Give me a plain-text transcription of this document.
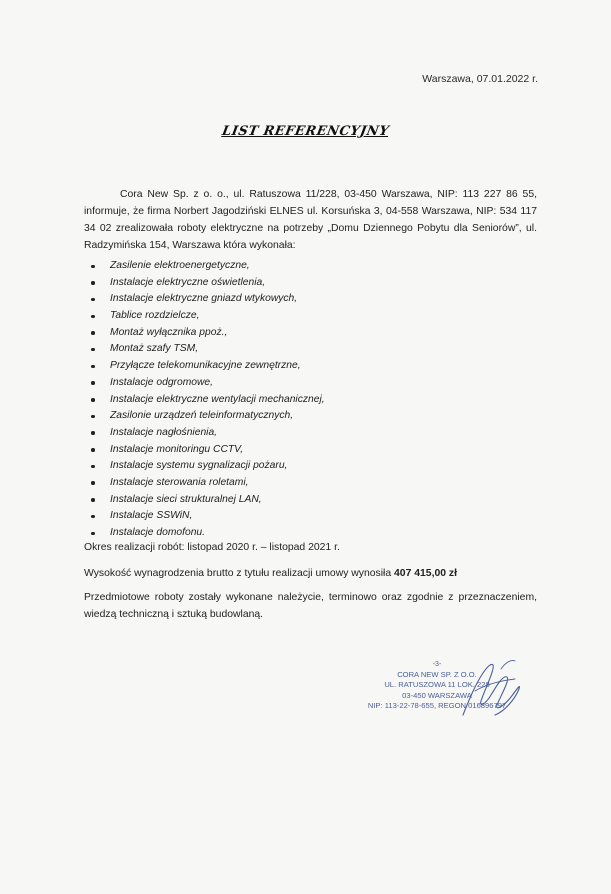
Warszawa, 07.01.2022 r.
LIST REFERENCYJNY
Cora New Sp. z o. o., ul. Ratuszowa 11/228, 03-450 Warszawa, NIP: 113 227 86 55, informuje, że firma Norbert Jagodziński ELNES ul. Korsuńska 3, 04-558 Warszawa, NIP: 534 117 34 02 zrealizowała roboty elektryczne na potrzeby „Domu Dziennego Pobytu dla Seniorów”, ul. Radzymińska 154, Warszawa która wykonała:
Zasilenie elektroenergetyczne,
Instalacje elektryczne oświetlenia,
Instalacje elektryczne gniazd wtykowych,
Tablice rozdzielcze,
Montaż wyłącznika ppoż.,
Montaż szafy TSM,
Przyłącze telekomunikacyjne zewnętrzne,
Instalacje odgromowe,
Instalacje elektryczne wentylacji mechanicznej,
Zasilonie urządzeń teleinformatycznych,
Instalacje nagłośnienia,
Instalacje monitoringu CCTV,
Instalacje systemu sygnalizacji pożaru,
Instalacje sterowania roletami,
Instalacje sieci strukturalnej LAN,
Instalacje SSWiN,
Instalacje domofonu.
Okres realizacji robót: listopad 2020 r. – listopad 2021 r.
Wysokość wynagrodzenia brutto z tytułu realizacji umowy wynosiła 407 415,00 zł
Przedmiotowe roboty zostały wykonane należycie, terminowo oraz zgodnie z przeznaczeniem, wiedzą techniczną i sztuką budowlaną.
-3-
CORA NEW SP. Z O.O.
UL. RATUSZOWA 11 LOK. 228
03-450 WARSZAWA
NIP: 113-22-78-655, REGON 016896797
